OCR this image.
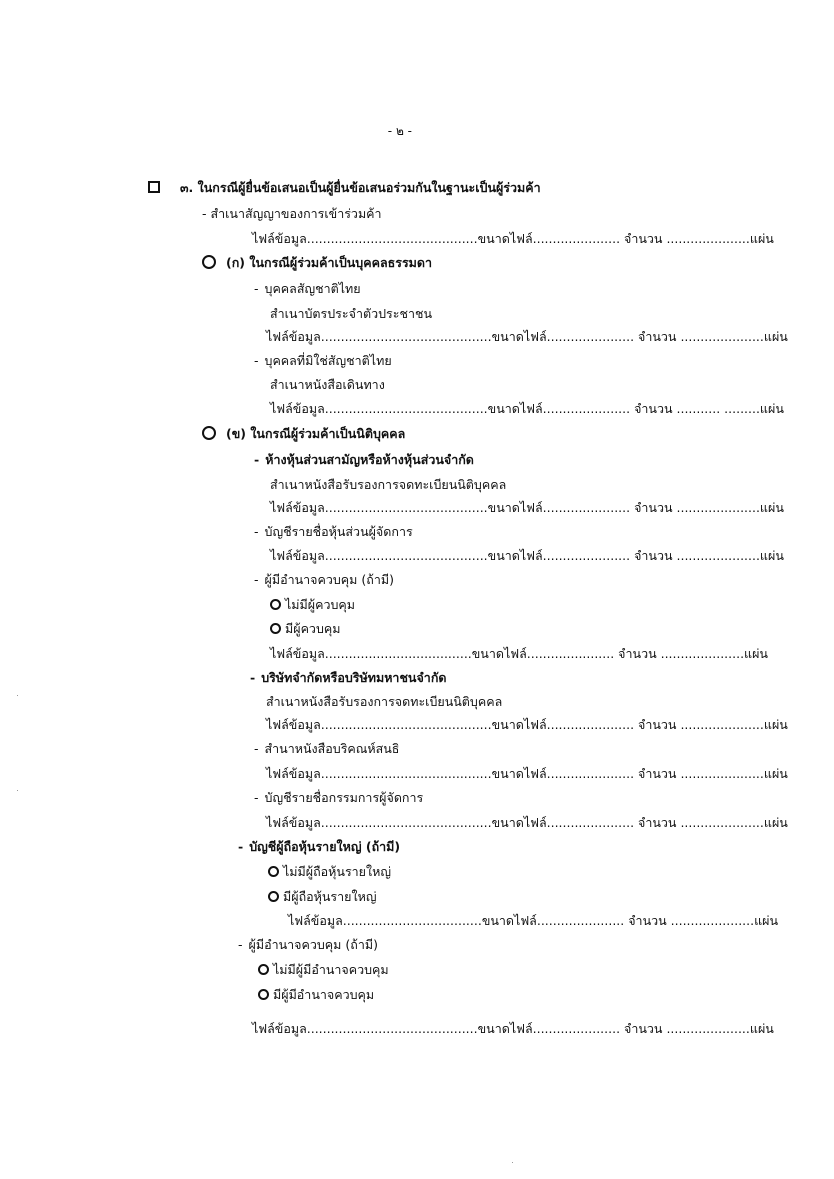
- ๒ -
๓. ในกรณีผู้ยื่นข้อเสนอเป็นผู้ยื่นข้อเสนอร่วมกันในฐานะเป็นผู้ร่วมค้า
- สำเนาสัญญาของการเข้าร่วมค้า
ไฟล์ข้อมูล...........................................ขนาดไฟล์...................... จำนวน .....................แผ่น
(ก) ในกรณีผู้ร่วมค้าเป็นบุคคลธรรมดา
- บุคคลสัญชาติไทย
สำเนาบัตรประจำตัวประชาชน
ไฟล์ข้อมูล...........................................ขนาดไฟล์...................... จำนวน .....................แผ่น
- บุคคลที่มิใช่สัญชาติไทย
สำเนาหนังสือเดินทาง
ไฟล์ข้อมูล.........................................ขนาดไฟล์...................... จำนวน ........... .........แผ่น
(ข) ในกรณีผู้ร่วมค้าเป็นนิติบุคคล
- ห้างหุ้นส่วนสามัญหรือห้างหุ้นส่วนจำกัด
สำเนาหนังสือรับรองการจดทะเบียนนิติบุคคล
ไฟล์ข้อมูล.........................................ขนาดไฟล์...................... จำนวน .....................แผ่น
- บัญชีรายชื่อหุ้นส่วนผู้จัดการ
ไฟล์ข้อมูล.........................................ขนาดไฟล์...................... จำนวน .....................แผ่น
- ผู้มีอำนาจควบคุม (ถ้ามี)
ไม่มีผู้ควบคุม
มีผู้ควบคุม
ไฟล์ข้อมูล.....................................ขนาดไฟล์...................... จำนวน .....................แผ่น
- บริษัทจำกัดหรือบริษัทมหาชนจำกัด
สำเนาหนังสือรับรองการจดทะเบียนนิติบุคคล
ไฟล์ข้อมูล...........................................ขนาดไฟล์...................... จำนวน .....................แผ่น
- สำนาหนังสือบริคณห์สนธิ
ไฟล์ข้อมูล...........................................ขนาดไฟล์...................... จำนวน .....................แผ่น
- บัญชีรายชื่อกรรมการผู้จัดการ
ไฟล์ข้อมูล...........................................ขนาดไฟล์...................... จำนวน .....................แผ่น
- บัญชีผู้ถือหุ้นรายใหญ่ (ถ้ามี)
ไม่มีผู้ถือหุ้นรายใหญ่
มีผู้ถือหุ้นรายใหญ่
ไฟล์ข้อมูล...................................ขนาดไฟล์...................... จำนวน .....................แผ่น
- ผู้มีอำนาจควบคุม (ถ้ามี)
ไม่มีผู้มีอำนาจควบคุม
มีผู้มีอำนาจควบคุม
ไฟล์ข้อมูล...........................................ขนาดไฟล์...................... จำนวน .....................แผ่น
